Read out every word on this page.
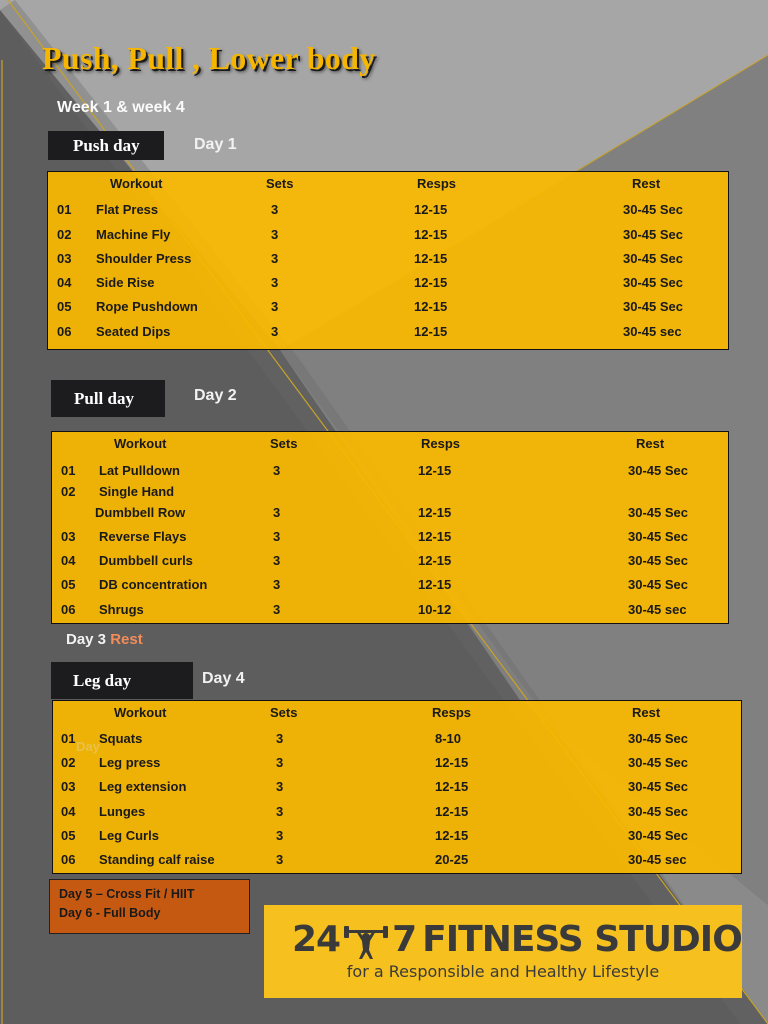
Push, Pull , Lower body
Week 1 & week 4
Push day	Day 1
Workout	Sets	Resps	Rest
01 Flat Press	3	12-15	30-45 Sec
02 Machine Fly	3	12-15	30-45 Sec
03 Shoulder Press	3	12-15	30-45 Sec
04 Side Rise	3	12-15	30-45 Sec
05 Rope Pushdown	3	12-15	30-45 Sec
06 Seated Dips	3	12-15	30-45 sec
Pull day	Day 2
Workout	Sets	Resps	Rest
01 Lat Pulldown	3	12-15	30-45 Sec
02 Single Hand
Dumbbell Row	3	12-15	30-45 Sec
03 Reverse Flays	3	12-15	30-45 Sec
04 Dumbbell curls	3	12-15	30-45 Sec
05 DB concentration	3	12-15	30-45 Sec
06 Shrugs	3	10-12	30-45 sec
Day 3 Rest
Leg day	Day 4
Day
Workout	Sets	Resps	Rest
01 Squats	3	8-10	30-45 Sec
02 Leg press	3	12-15	30-45 Sec
03 Leg extension	3	12-15	30-45 Sec
04 Lunges	3	12-15	30-45 Sec
05 Leg Curls	3	12-15	30-45 Sec
06 Standing calf raise	3	20-25	30-45 sec
Day 5 – Cross Fit / HIIT
Day 6 - Full Body
24 7 FITNESS STUDIO
for a Responsible and Healthy Lifestyle
